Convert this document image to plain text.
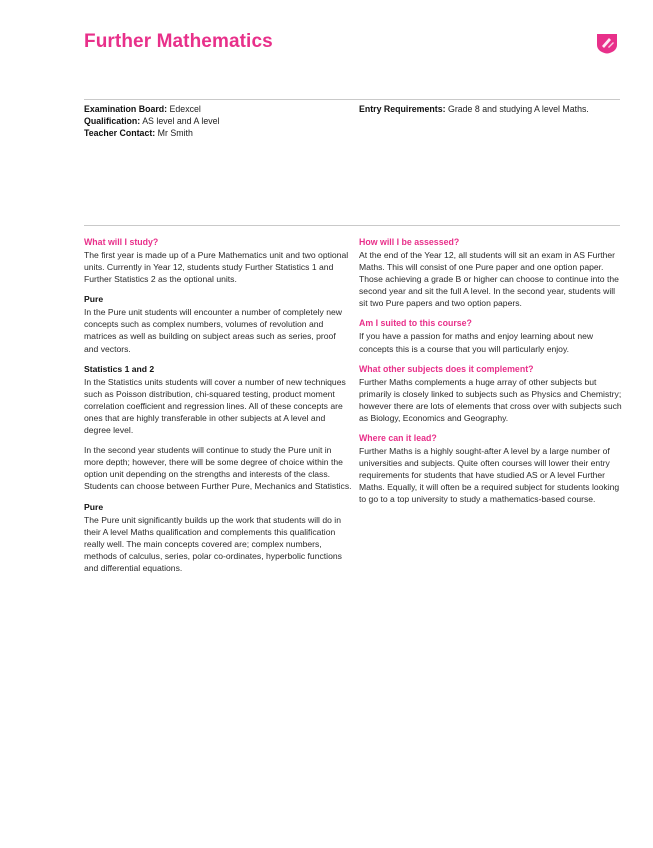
Further Mathematics
Examination Board: Edexcel
Qualification: AS level and A level
Teacher Contact: Mr Smith
Entry Requirements: Grade 8 and studying A level Maths.
What will I study?
The first year is made up of a Pure Mathematics unit and two optional units. Currently in Year 12, students study Further Statistics 1 and Further Statistics 2 as the optional units.
Pure
In the Pure unit students will encounter a number of completely new concepts such as complex numbers, volumes of revolution and matrices as well as building on subject areas such as series, proof and vectors.
Statistics 1 and 2
In the Statistics units students will cover a number of new techniques such as Poisson distribution, chi-squared testing, product moment correlation coefficient and regression lines. All of these concepts are ones that are highly transferable in other subjects at A level and degree level.
In the second year students will continue to study the Pure unit in more depth; however, there will be some degree of choice within the option unit depending on the strengths and interests of the class. Students can choose between Further Pure, Mechanics and Statistics.
Pure
The Pure unit significantly builds up the work that students will do in their A level Maths qualification and complements this qualification really well. The main concepts covered are; complex numbers, methods of calculus, series, polar co-ordinates, hyperbolic functions and differential equations.
How will I be assessed?
At the end of the Year 12, all students will sit an exam in AS Further Maths. This will consist of one Pure paper and one option paper. Those achieving a grade B or higher can choose to continue into the second year and sit the full A level. In the second year, students will sit two Pure papers and two option papers.
Am I suited to this course?
If you have a passion for maths and enjoy learning about new concepts this is a course that you will particularly enjoy.
What other subjects does it complement?
Further Maths complements a huge array of other subjects but primarily is closely linked to subjects such as Physics and Chemistry; however there are lots of elements that cross over with subjects such as Biology, Economics and Geography.
Where can it lead?
Further Maths is a highly sought-after A level by a large number of universities and subjects. Quite often courses will lower their entry requirements for students that have studied AS or A level Further Maths. Equally, it will often be a required subject for students looking to go to a top university to study a mathematics-based course.
